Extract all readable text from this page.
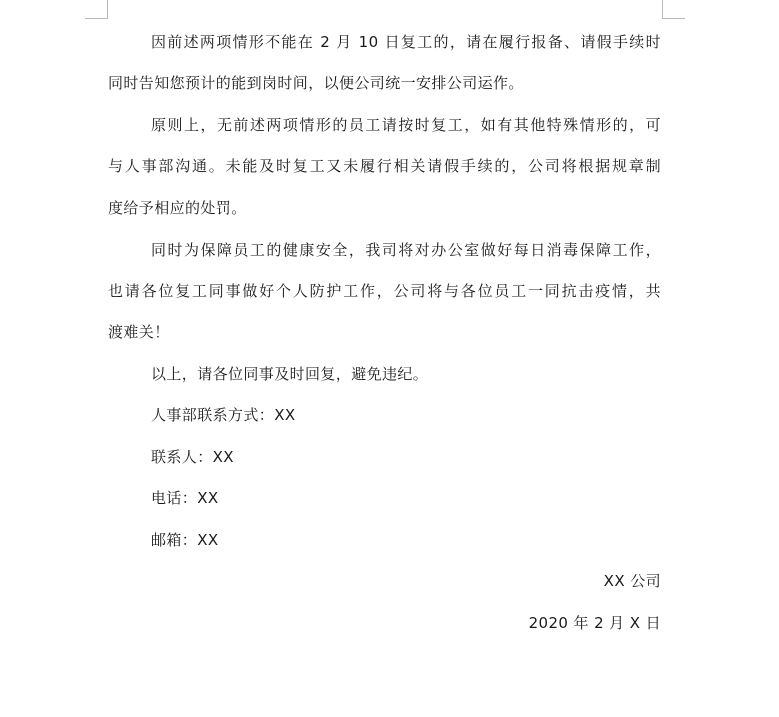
因前述两项情形不能在 2 月 10 日复工的，请在履行报备、请假手续时
同时告知您预计的能到岗时间，以便公司统一安排公司运作。
原则上，无前述两项情形的员工请按时复工，如有其他特殊情形的，可
与人事部沟通。未能及时复工又未履行相关请假手续的，公司将根据规章制
度给予相应的处罚。
同时为保障员工的健康安全，我司将对办公室做好每日消毒保障工作，
也请各位复工同事做好个人防护工作，公司将与各位员工一同抗击疫情，共
渡难关！
以上，请各位同事及时回复，避免违纪。
人事部联系方式：XX
联系人：XX
电话：XX
邮箱：XX
XX 公司
2020 年 2 月 X 日
